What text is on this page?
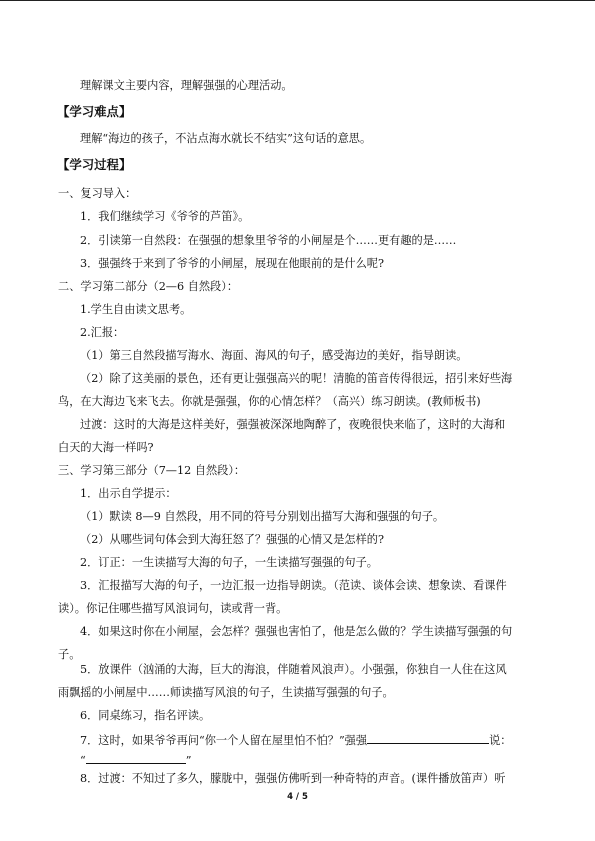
理解课文主要内容，理解强强的心理活动。
【学习难点】
理解“海边的孩子，不沾点海水就长不结实”这句话的意思。
【学习过程】
一、复习导入：
1．我们继续学习《爷爷的芦笛》。
2．引读第一自然段：在强强的想象里爷爷的小闸屋是个……更有趣的是……
3．强强终于来到了爷爷的小闸屋，展现在他眼前的是什么呢?
二、学习第二部分（2—6 自然段）：
1.学生自由读文思考。
2.汇报：
（1）第三自然段描写海水、海面、海风的句子，感受海边的美好，指导朗读。
（2）除了这美丽的景色，还有更让强强高兴的呢！清脆的笛音传得很远，招引来好些海
鸟，在大海边飞来飞去。你就是强强，你的心情怎样？（高兴）练习朗读。(教师板书)
过渡：这时的大海是这样美好，强强被深深地陶醉了，夜晚很快来临了，这时的大海和
白天的大海一样吗?
三、学习第三部分（7—12 自然段）：
1．出示自学提示：
（1）默读 8—9 自然段，用不同的符号分别划出描写大海和强强的句子。
（2）从哪些词句体会到大海狂怒了？强强的心情又是怎样的?
2．订正：一生读描写大海的句子，一生读描写强强的句子。
3．汇报描写大海的句子，一边汇报一边指导朗读。（范读、谈体会读、想象读、看课件
读）。你记住哪些描写风浪词句，读或背一背。
4．如果这时你在小闸屋，会怎样？强强也害怕了，他是怎么做的？学生读描写强强的句
子。
5．放课件（汹涌的大海，巨大的海浪，伴随着风浪声）。小强强，你独自一人住在这风
雨飘摇的小闸屋中……师读描写风浪的句子，生读描写强强的句子。
6．同桌练习，指名评读。
7．这时，如果爷爷再问“你一个人留在屋里怕不怕？”强强	说：
“	”
8．过渡：不知过了多久，朦胧中，强强仿佛听到一种奇特的声音。(课件播放笛声）听
4 / 5
